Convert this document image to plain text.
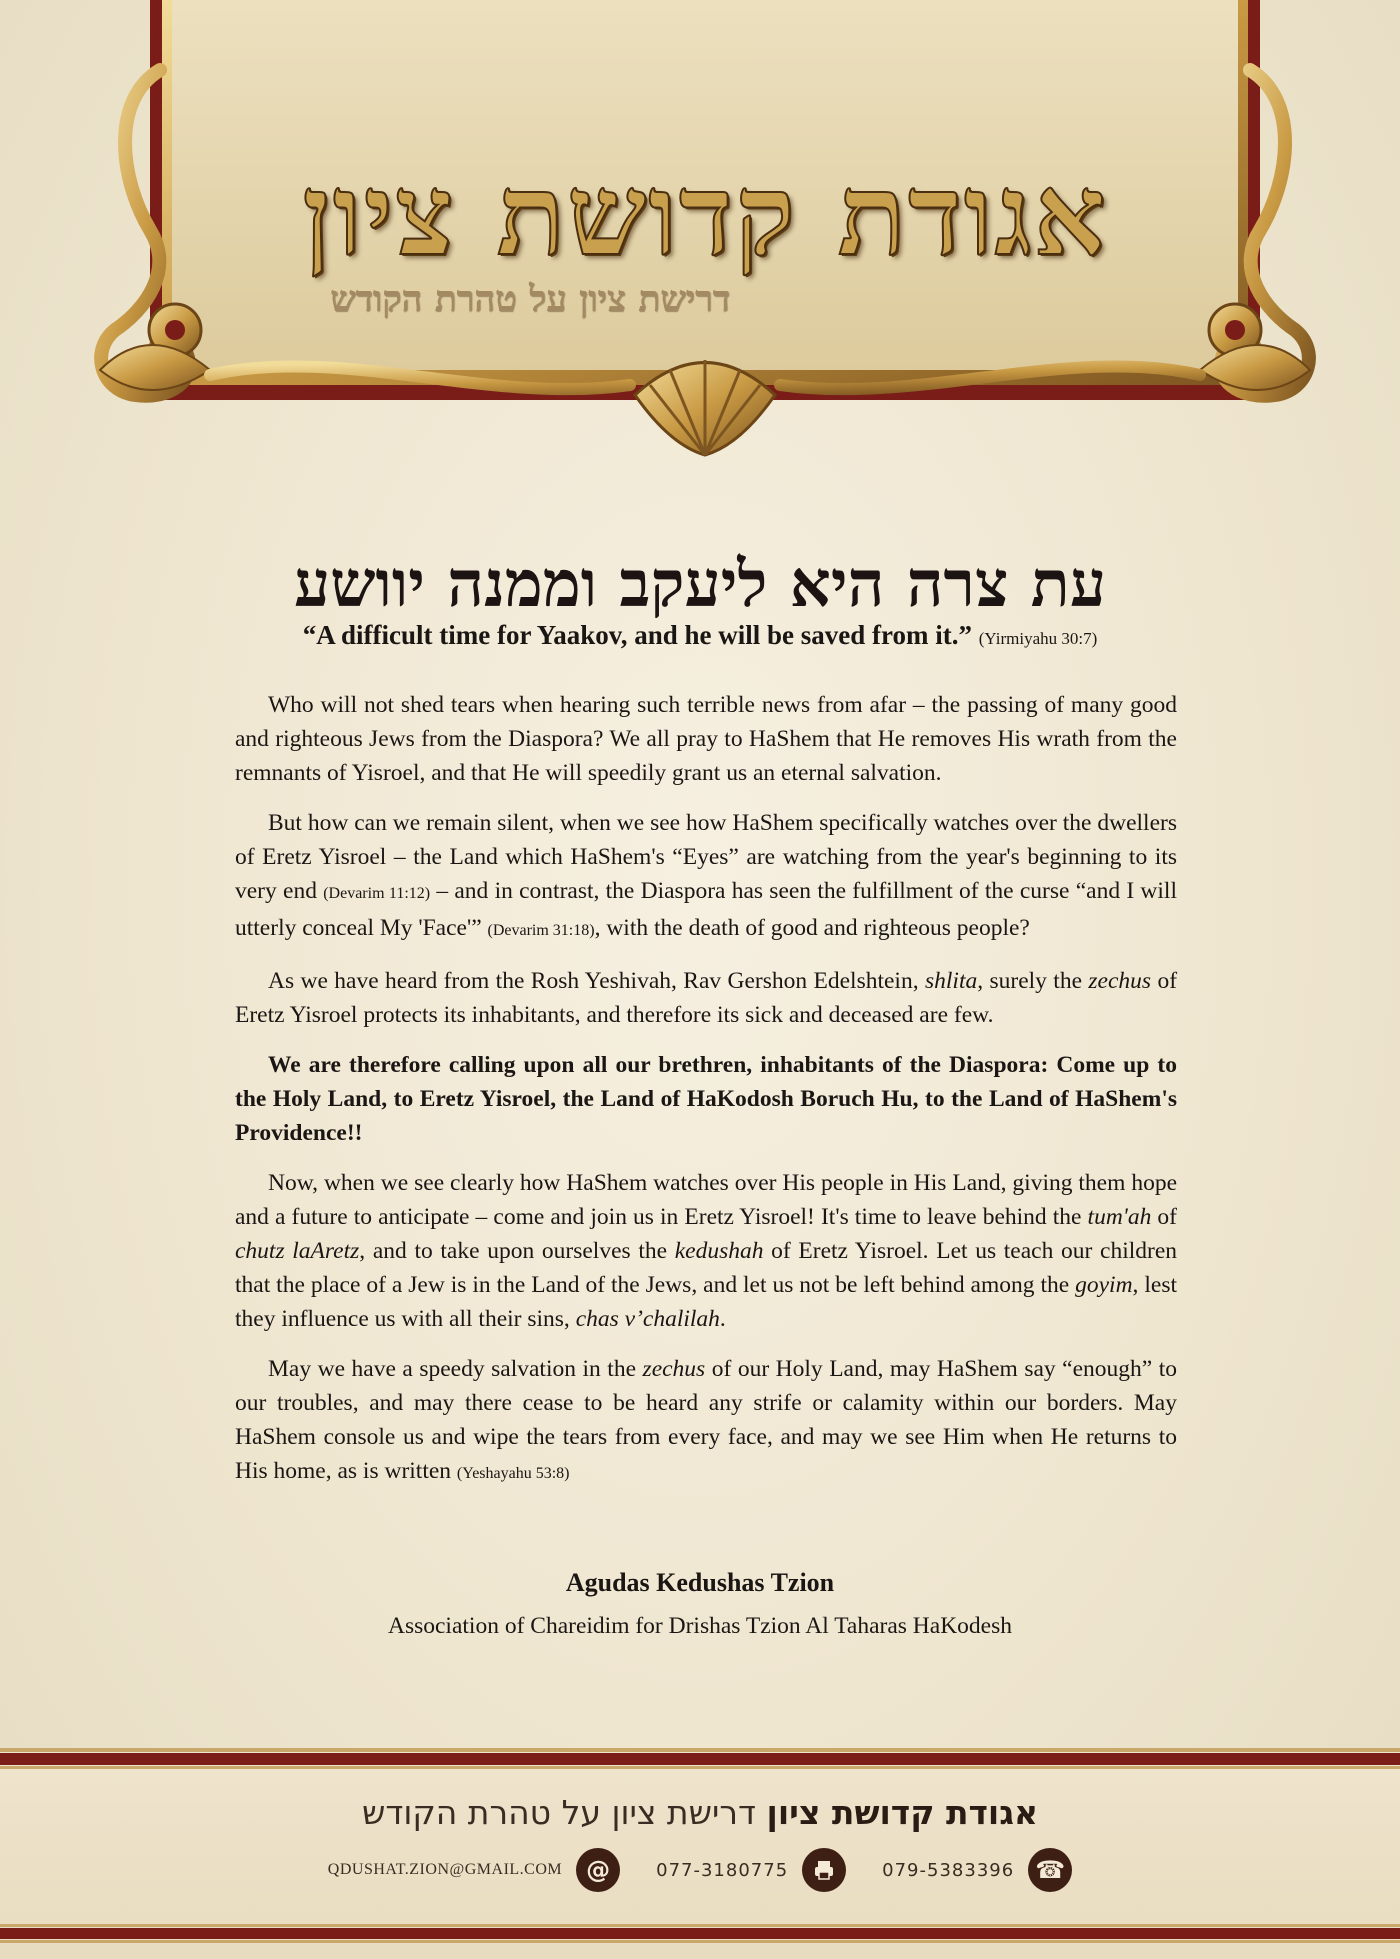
אגודת קדושת ציון
דרישת ציון על טהרת הקודש
עת צרה היא ליעקב וממנה יוושע

“A difficult time for Yaakov, and he will be saved from it.” (Yirmiyahu 30:7)

Who will not shed tears when hearing such terrible news from afar – the passing of many good and righteous Jews from the Diaspora? We all pray to HaShem that He removes His wrath from the remnants of Yisroel, and that He will speedily grant us an eternal salvation.

But how can we remain silent, when we see how HaShem specifically watches over the dwellers of Eretz Yisroel – the Land which HaShem's “Eyes” are watching from the year's beginning to its very end (Devarim 11:12) – and in contrast, the Diaspora has seen the fulfillment of the curse “and I will utterly conceal My 'Face'” (Devarim 31:18), with the death of good and righteous people?

As we have heard from the Rosh Yeshivah, Rav Gershon Edelshtein, shlita, surely the zechus of Eretz Yisroel protects its inhabitants, and therefore its sick and deceased are few.

We are therefore calling upon all our brethren, inhabitants of the Diaspora: Come up to the Holy Land, to Eretz Yisroel, the Land of HaKodosh Boruch Hu, to the Land of HaShem's Providence!!

Now, when we see clearly how HaShem watches over His people in His Land, giving them hope and a future to anticipate – come and join us in Eretz Yisroel! It's time to leave behind the tum'ah of chutz laAretz, and to take upon ourselves the kedushah of Eretz Yisroel. Let us teach our children that the place of a Jew is in the Land of the Jews, and let us not be left behind among the goyim, lest they influence us with all their sins, chas v’chalilah.

May we have a speedy salvation in the zechus of our Holy Land, may HaShem say “enough” to our troubles, and may there cease to be heard any strife or calamity within our borders. May HaShem console us and wipe the tears from every face, and may we see Him when He returns to His home, as is written (Yeshayahu 53:8)

Agudas Kedushas Tzion
Association of Chareidim for Drishas Tzion Al Taharas HaKodesh
אגודת קדושת ציון דרישת ציון על טהרת הקודש
QDUSHAT.ZION@GMAIL.COM	@	077-3180775	079-5383396 ☎
